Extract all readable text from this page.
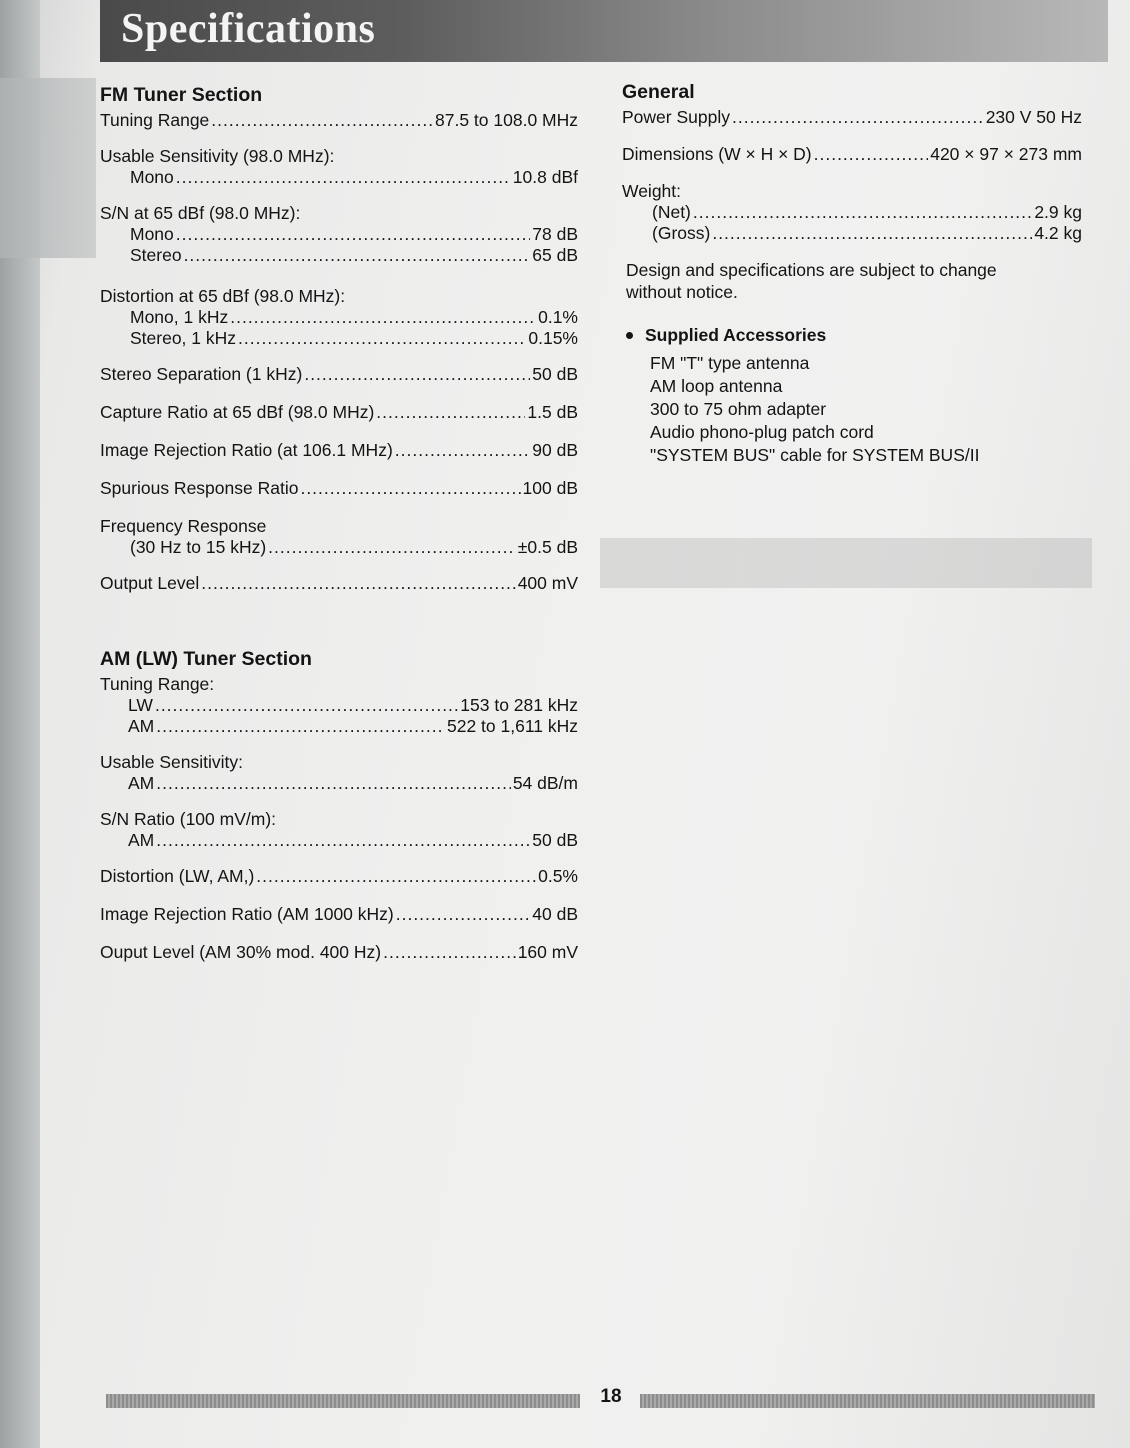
Specifications
FM Tuner Section
Tuning Range .....	87.5 to 108.0 MHz
Usable Sensitivity (98.0 MHz):
Mono .....	10.8 dBf
S/N at 65 dBf (98.0 MHz):
Mono .....	78 dB
Stereo .....	65 dB
Distortion at 65 dBf (98.0 MHz):
Mono, 1 kHz .....	0.1%
Stereo, 1 kHz .....	0.15%
Stereo Separation (1 kHz) .....	50 dB
Capture Ratio at 65 dBf (98.0 MHz) .....	1.5 dB
Image Rejection Ratio (at 106.1 MHz) .....	90 dB
Spurious Response Ratio .....	100 dB
Frequency Response
(30 Hz to 15 kHz) .....	±0.5 dB
Output Level .....	400 mV
AM (LW) Tuner Section
Tuning Range:
LW .....	153 to 281 kHz
AM .....	522 to 1,611 kHz
Usable Sensitivity:
AM .....	54 dB/m
S/N Ratio (100 mV/m):
AM .....	50 dB
Distortion (LW, AM,) .....	0.5%
Image Rejection Ratio (AM 1000 kHz) .....	40 dB
Ouput Level (AM 30% mod. 400 Hz) .....	160 mV
General
Power Supply .....	230 V 50 Hz
Dimensions (W × H × D) .....	420 × 97 × 273 mm
Weight:
(Net) .....	2.9 kg
(Gross) .....	4.2 kg
Design and specifications are subject to change
without notice.
Supplied Accessories
FM "T" type antenna
AM loop antenna
300 to 75 ohm adapter
Audio phono-plug patch cord
"SYSTEM BUS" cable for SYSTEM BUS/II
18
